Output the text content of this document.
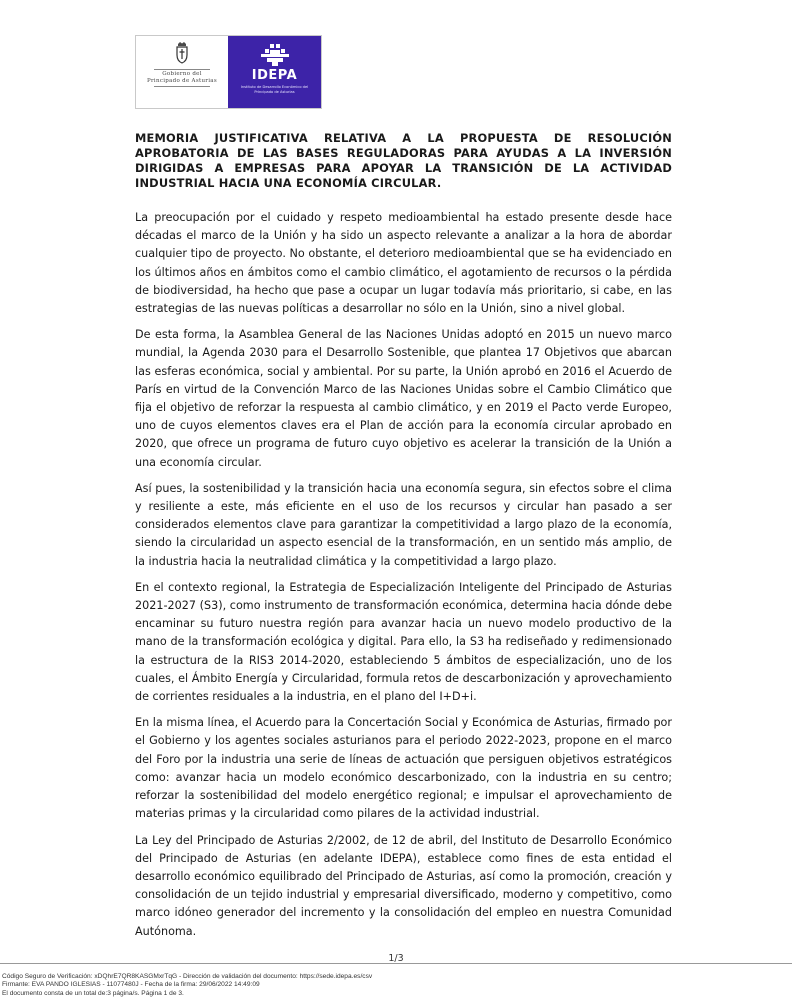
Gobierno del
Principado de Asturias	IDEPA
Instituto de Desarrollo Económico del Principado de Asturias
MEMORIA JUSTIFICATIVA RELATIVA A LA PROPUESTA DE RESOLUCIÓN APROBATORIA DE LAS BASES REGULADORAS PARA AYUDAS A LA INVERSIÓN DIRIGIDAS A EMPRESAS PARA APOYAR LA TRANSICIÓN DE LA ACTIVIDAD INDUSTRIAL HACIA UNA ECONOMÍA CIRCULAR.

La preocupación por el cuidado y respeto medioambiental ha estado presente desde hace décadas el marco de la Unión y ha sido un aspecto relevante a analizar a la hora de abordar cualquier tipo de proyecto. No obstante, el deterioro medioambiental que se ha evidenciado en los últimos años en ámbitos como el cambio climático, el agotamiento de recursos o la pérdida de biodiversidad, ha hecho que pase a ocupar un lugar todavía más prioritario, si cabe, en las estrategias de las nuevas políticas a desarrollar no sólo en la Unión, sino a nivel global.

De esta forma, la Asamblea General de las Naciones Unidas adoptó en 2015 un nuevo marco mundial, la Agenda 2030 para el Desarrollo Sostenible, que plantea 17 Objetivos que abarcan las esferas económica, social y ambiental. Por su parte, la Unión aprobó en 2016 el Acuerdo de París en virtud de la Convención Marco de las Naciones Unidas sobre el Cambio Climático que fija el objetivo de reforzar la respuesta al cambio climático, y en 2019 el Pacto verde Europeo, uno de cuyos elementos claves era el Plan de acción para la economía circular aprobado en 2020, que ofrece un programa de futuro cuyo objetivo es acelerar la transición de la Unión a una economía circular.

Así pues, la sostenibilidad y la transición hacia una economía segura, sin efectos sobre el clima y resiliente a este, más eficiente en el uso de los recursos y circular han pasado a ser considerados elementos clave para garantizar la competitividad a largo plazo de la economía, siendo la circularidad un aspecto esencial de la transformación, en un sentido más amplio, de la industria hacia la neutralidad climática y la competitividad a largo plazo.

En el contexto regional, la Estrategia de Especialización Inteligente del Principado de Asturias 2021-2027 (S3), como instrumento de transformación económica, determina hacia dónde debe encaminar su futuro nuestra región para avanzar hacia un nuevo modelo productivo de la mano de la transformación ecológica y digital. Para ello, la S3 ha rediseñado y redimensionado la estructura de la RIS3 2014-2020, estableciendo 5 ámbitos de especialización, uno de los cuales, el Ámbito Energía y Circularidad, formula retos de descarbonización y aprovechamiento de corrientes residuales a la industria, en el plano del I+D+i.

En la misma línea, el Acuerdo para la Concertación Social y Económica de Asturias, firmado por el Gobierno y los agentes sociales asturianos para el periodo 2022-2023, propone en el marco del Foro por la industria una serie de líneas de actuación que persiguen objetivos estratégicos como: avanzar hacia un modelo económico descarbonizado, con la industria en su centro; reforzar la sostenibilidad del modelo energético regional; e impulsar el aprovechamiento de materias primas y la circularidad como pilares de la actividad industrial.

La Ley del Principado de Asturias 2/2002, de 12 de abril, del Instituto de Desarrollo Económico del Principado de Asturias (en adelante IDEPA), establece como fines de esta entidad el desarrollo económico equilibrado del Principado de Asturias, así como la promoción, creación y consolidación de un tejido industrial y empresarial diversificado, moderno y competitivo, como marco idóneo generador del incremento y la consolidación del empleo en nuestra Comunidad Autónoma.

1/3
Código Seguro de Verificación: xDQhrE7QR8KASGMxrTqG - Dirección de validación del documento: https://sede.idepa.es/csv
Firmante: EVA PANDO IGLESIAS - 11077480J - Fecha de la firma: 29/06/2022 14:49:09
El documento consta de un total de:3 página/s. Página 1 de 3.
